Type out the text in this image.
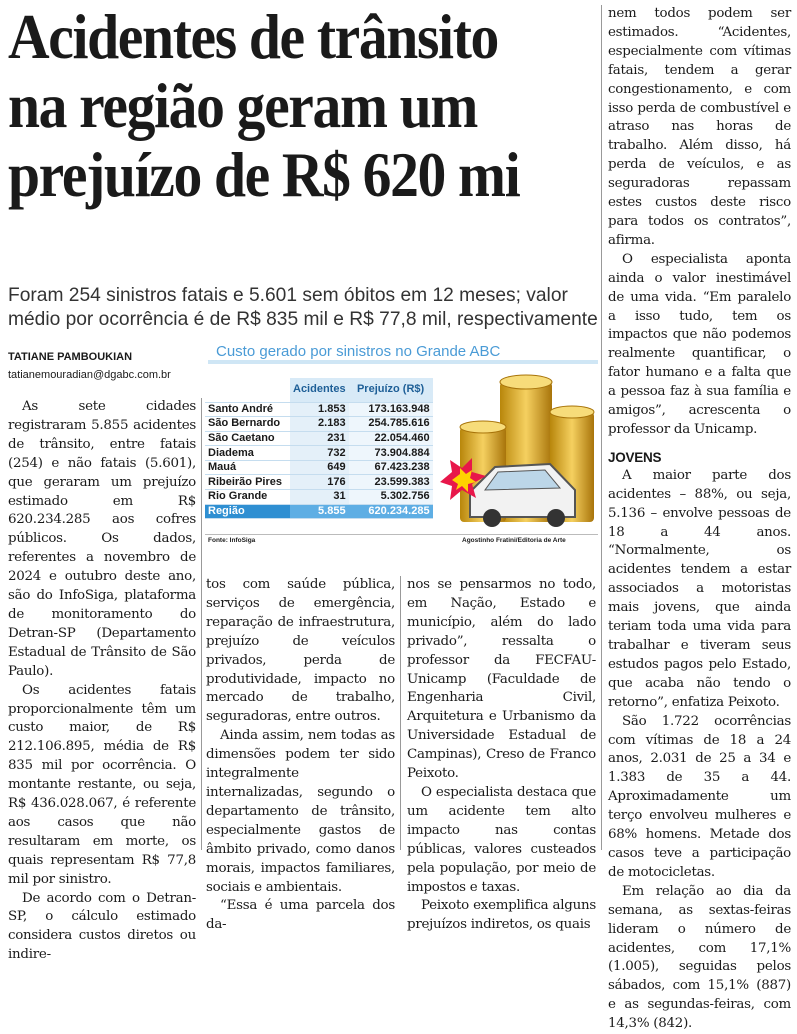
Acidentes de trânsito
na região geram um
prejuízo de R$ 620 mi
Foram 254 sinistros fatais e 5.601 sem óbitos em 12 meses; valor
médio por ocorrência é de R$ 835 mil e R$ 77,8 mil, respectivamente
TATIANE PAMBOUKIAN
tatianemouradian@dgabc.com.br
Custo gerado por sinistros no Grande ABC
	Acidentes	Prejuízo (R$)
Santo André	1.853	173.163.948
São Bernardo	2.183	254.785.616
São Caetano	231	22.054.460
Diadema	732	73.904.884
Mauá	649	67.423.238
Ribeirão Pires	176	23.599.383
Rio Grande	31	5.302.756
Região	5.855	620.234.285
Fonte: InfoSiga	Agostinho Fratini/Editoria de Arte

As sete cidades registraram 5.855 acidentes de trânsito, entre fatais (254) e não fatais (5.601), que geraram um prejuízo estimado em R$ 620.234.285 aos cofres públicos. Os dados, referentes a novembro de 2024 e outubro deste ano, são do InfoSiga, plataforma de monitoramento do Detran-SP (Departamento Estadual de Trânsito de São Paulo).

Os acidentes fatais proporcionalmente têm um custo maior, de R$ 212.106.895, média de R$ 835 mil por ocorrência. O montante restante, ou seja, R$ 436.028.067, é referente aos casos que não resultaram em morte, os quais representam R$ 77,8 mil por sinistro.

De acordo com o Detran-SP, o cálculo estimado considera custos diretos ou indire-

tos com saúde pública, serviços de emergência, reparação de infraestrutura, prejuízo de veículos privados, perda de produtividade, impacto no mercado de trabalho, seguradoras, entre outros.

Ainda assim, nem todas as dimensões podem ter sido integralmente internalizadas, segundo o departamento de trânsito, especialmente gastos de âmbito privado, como danos morais, impactos familiares, sociais e ambientais.

“Essa é uma parcela dos da-

nos se pensarmos no todo, em Nação, Estado e município, além do lado privado”, ressalta o professor da FECFAU-Unicamp (Faculdade de Engenharia Civil, Arquitetura e Urbanismo da Universidade Estadual de Campinas), Creso de Franco Peixoto.

O especialista destaca que um acidente tem alto impacto nas contas públicas, valores custeados pela população, por meio de impostos e taxas.

Peixoto exemplifica alguns prejuízos indiretos, os quais

nem todos podem ser estimados. “Acidentes, especialmente com vítimas fatais, tendem a gerar congestionamento, e com isso perda de combustível e atraso nas horas de trabalho. Além disso, há perda de veículos, e as seguradoras repassam estes custos deste risco para todos os contratos”, afirma.

O especialista aponta ainda o valor inestimável de uma vida. “Em paralelo a isso tudo, tem os impactos que não podemos realmente quantificar, o fator humano e a falta que a pessoa faz à sua família e amigos”, acrescenta o professor da Unicamp.

JOVENS

A maior parte dos acidentes – 88%, ou seja, 5.136 – envolve pessoas de 18 a 44 anos. “Normalmente, os acidentes tendem a estar associados a motoristas mais jovens, que ainda teriam toda uma vida para trabalhar e tiveram seus estudos pagos pelo Estado, que acaba não tendo o retorno”, enfatiza Peixoto.

São 1.722 ocorrências com vítimas de 18 a 24 anos, 2.031 de 25 a 34 e 1.383 de 35 a 44. Aproximadamente um terço envolveu mulheres e 68% homens. Metade dos casos teve a participação de motocicletas.

Em relação ao dia da semana, as sextas-feiras lideram o número de acidentes, com 17,1% (1.005), seguidas pelos sábados, com 15,1% (887) e as segundas-feiras, com 14,3% (842).
